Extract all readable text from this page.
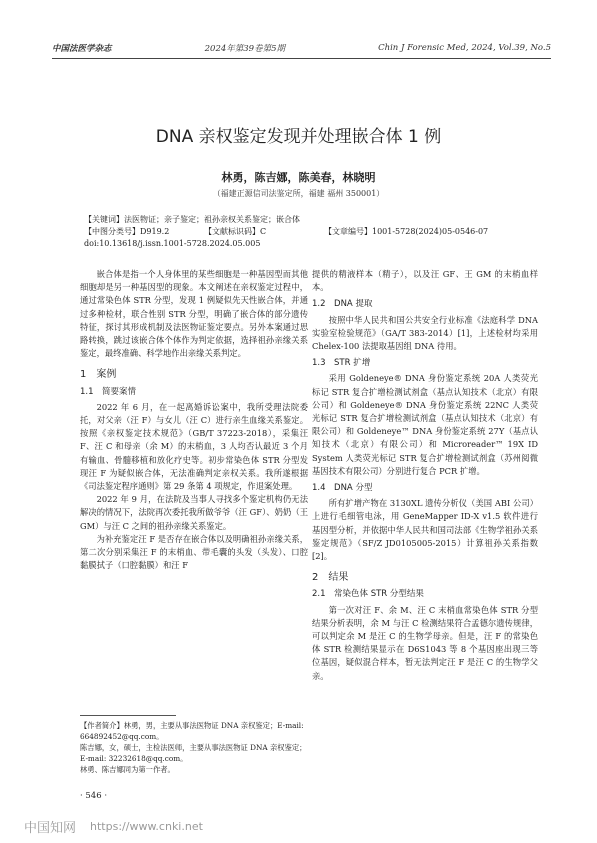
中国法医学杂志	2024年第39卷第5期	Chin J Forensic Med, 2024, Vol.39, No.5
DNA 亲权鉴定发现并处理嵌合体 1 例
林勇，陈吉娜，陈美春，林晓明
（福建正源信司法鉴定所，福建 福州 350001）
【关键词】法医物证；亲子鉴定；祖孙亲权关系鉴定；嵌合体
【中图分类号】D919.2	【文献标识码】C	【文章编号】1001-5728(2024)05-0546-07
doi:10.13618/j.issn.1001-5728.2024.05.005

嵌合体是指一个人身体里的某些细胞是一种基因型而其他细胞却是另一种基因型的现象。本文阐述在亲权鉴定过程中，通过常染色体 STR 分型，发现 1 例疑似先天性嵌合体，并通过多种检材，联合性别 STR 分型，明确了嵌合体的部分遗传特征，探讨其形成机制及法医物证鉴定要点。另外本案通过思路转换，跳过该嵌合体个体作为判定依据，选择祖孙亲缘关系鉴定，最终准确、科学地作出亲缘关系判定。

1　案例
1.1　简要案情

2022 年 6 月，在一起离婚诉讼案中，我所受理法院委托，对父亲（汪 F）与女儿（汪 C）进行亲生血缘关系鉴定。按照《亲权鉴定技术规范》（GB/T 37223-2018），采集汪 F、汪 C 和母亲（余 M）的末梢血，3 人均否认最近 3 个月有输血、骨髓移植和放化疗史等。初步常染色体 STR 分型发现汪 F 为疑似嵌合体，无法准确判定亲权关系。我所遂根据《司法鉴定程序通则》第 29 条第 4 项规定，作退案处理。

2022 年 9 月，在法院及当事人寻找多个鉴定机构仍无法解决的情况下，法院再次委托我所做爷爷（汪 GF）、奶奶（王 GM）与汪 C 之间的祖孙亲缘关系鉴定。

为补充鉴定汪 F 是否存在嵌合体以及明确祖孙亲缘关系，第二次分别采集汪 F 的末梢血、带毛囊的头发（头发）、口腔黏膜拭子（口腔黏膜）和汪 F

提供的精液样本（精子），以及汪 GF、王 GM 的末梢血样本。

1.2　DNA 提取

按照中华人民共和国公共安全行业标准《法庭科学 DNA 实验室检验规范》（GA/T 383-2014）[1]，上述检材均采用 Chelex-100 法提取基因组 DNA 待用。

1.3　STR 扩增

采用 Goldeneye® DNA 身份鉴定系统 20A 人类荧光标记 STR 复合扩增检测试剂盒（基点认知技术（北京）有限公司）和 Goldeneye® DNA 身份鉴定系统 22NC 人类荧光标记 STR 复合扩增检测试剂盒（基点认知技术（北京）有限公司）和 Goldeneye™ DNA 身份鉴定系统 27Y（基点认知技术（北京）有限公司）和 Microreader™ 19X ID System 人类荧光标记 STR 复合扩增检测试剂盒（苏州阅微基因技术有限公司）分别进行复合 PCR 扩增。

1.4　DNA 分型

所有扩增产物在 3130XL 遗传分析仪（美国 ABI 公司）上进行毛细管电泳，用 GeneMapper ID-X v1.5 软件进行基因型分析，并依据中华人民共和国司法部《生物学祖孙关系鉴定规范》（SF/Z JD0105005-2015）计算祖孙关系指数 [2]。

2　结果
2.1　常染色体 STR 分型结果

第一次对汪 F、余 M、汪 C 末梢血常染色体 STR 分型结果分析表明，余 M 与汪 C 检测结果符合孟德尔遗传规律，可以判定余 M 是汪 C 的生物学母亲。但是，汪 F 的常染色体 STR 检测结果显示在 D6S1043 等 8 个基因座出现三等位基因，疑似混合样本，暂无法判定汪 F 是汪 C 的生物学父亲。

【作者简介】林勇，男，主要从事法医物证 DNA 亲权鉴定；E-mail: 664892452@qq.com。
陈吉娜，女，硕士，主检法医师，主要从事法医物证 DNA 亲权鉴定；E-mail: 32232618@qq.com。
林勇、陈吉娜同为第一作者。
· 546 ·
中国知网 https://www.cnki.net
